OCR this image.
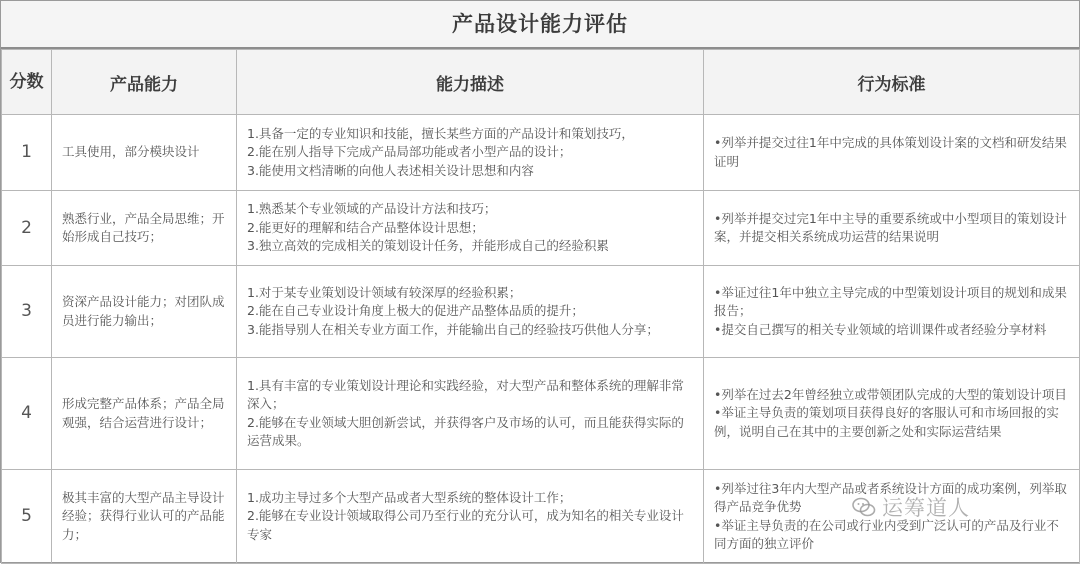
产品设计能力评估
分数	产品能力	能力描述	行为标准
1	工具使用，部分模块设计	1.具备一定的专业知识和技能，擅长某些方面的产品设计和策划技巧，
2.能在别人指导下完成产品局部功能或者小型产品的设计；
3.能使用文档清晰的向他人表述相关设计思想和内容	•列举并提交过往1年中完成的具体策划设计案的文档和研发结果证明

2	熟悉行业，产品全局思维；开始形成自己技巧；	1.熟悉某个专业领域的产品设计方法和技巧；
2.能更好的理解和结合产品整体设计思想；
3.独立高效的完成相关的策划设计任务，并能形成自己的经验积累	•列举并提交过完1年中主导的重要系统或中小型项目的策划设计案，并提交相关系统成功运营的结果说明

3	资深产品设计能力；对团队成员进行能力输出；	1.对于某专业策划设计领域有较深厚的经验积累；
2.能在自己专业设计角度上极大的促进产品整体品质的提升；
3.能指导别人在相关专业方面工作，并能输出自己的经验技巧供他人分享；	•举证过往1年中独立主导完成的中型策划设计项目的规划和成果报告；
•提交自己撰写的相关专业领域的培训课件或者经验分享材料

4	形成完整产品体系；产品全局观强，结合运营进行设计；	1.具有丰富的专业策划设计理论和实践经验，对大型产品和整体系统的理解非常深入；
2.能够在专业领域大胆创新尝试，并获得客户及市场的认可，而且能获得实际的运营成果。	•列举在过去2年曾经独立或带领团队完成的大型的策划设计项目
•举证主导负责的策划项目获得良好的客服认可和市场回报的实例，说明自己在其中的主要创新之处和实际运营结果

5	极其丰富的大型产品主导设计经验；获得行业认可的产品能力；	1.成功主导过多个大型产品或者大型系统的整体设计工作；
2.能够在专业设计领域取得公司乃至行业的充分认可，成为知名的相关专业设计专家	•列举过往3年内大型产品或者系统设计方面的成功案例，列举取得产品竞争优势
•举证主导负责的在公司或行业内受到广泛认可的产品及行业不同方面的独立评价
运筹道人
